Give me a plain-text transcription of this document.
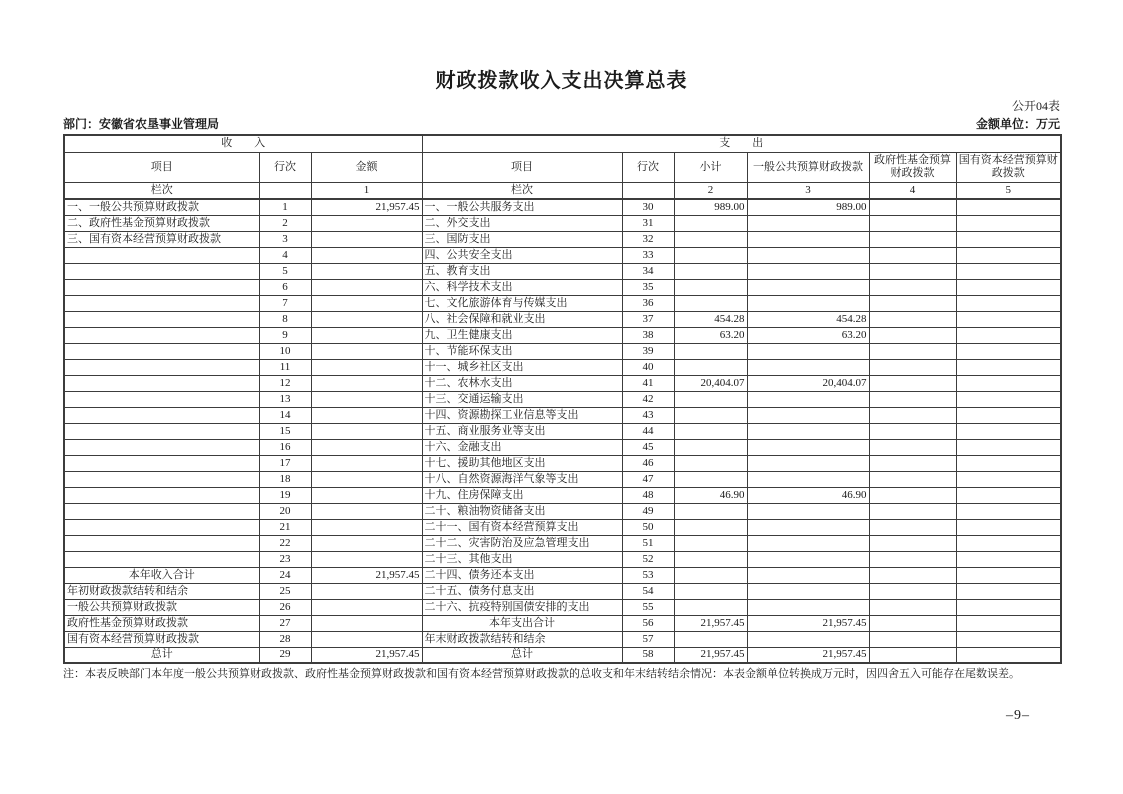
财政拨款收入支出决算总表
公开04表
部门：安徽省农垦事业管理局	金额单位：万元
收　　入			支　　出					
项目	行次	金额	项目	行次	小计	一般公共预算财政拨款	政府性基金预算财政拨款	国有资本经营预算财政拨款
栏次		1	栏次		2	3	4	5
一、一般公共预算财政拨款	1	21,957.45	一、一般公共服务支出	30	989.00	989.00		
二、政府性基金预算财政拨款	2		二、外交支出	31				
三、国有资本经营预算财政拨款	3		三、国防支出	32				
	4		四、公共安全支出	33				
	5		五、教育支出	34				
	6		六、科学技术支出	35				
	7		七、文化旅游体育与传媒支出	36				
	8		八、社会保障和就业支出	37	454.28	454.28		
	9		九、卫生健康支出	38	63.20	63.20		
	10		十、节能环保支出	39				
	11		十一、城乡社区支出	40				
	12		十二、农林水支出	41	20,404.07	20,404.07		
	13		十三、交通运输支出	42				
	14		十四、资源勘探工业信息等支出	43				
	15		十五、商业服务业等支出	44				
	16		十六、金融支出	45				
	17		十七、援助其他地区支出	46				
	18		十八、自然资源海洋气象等支出	47				
	19		十九、住房保障支出	48	46.90	46.90		
	20		二十、粮油物资储备支出	49				
	21		二十一、国有资本经营预算支出	50				
	22		二十二、灾害防治及应急管理支出	51				
	23		二十三、其他支出	52				
本年收入合计	24	21,957.45	二十四、债务还本支出	53				
年初财政拨款结转和结余	25		二十五、债务付息支出	54				
一般公共预算财政拨款	26		二十六、抗疫特别国债安排的支出	55				
政府性基金预算财政拨款	27		本年支出合计	56	21,957.45	21,957.45		
国有资本经营预算财政拨款	28		年末财政拨款结转和结余	57				
总计	29	21,957.45	总计	58	21,957.45	21,957.45		
注：本表反映部门本年度一般公共预算财政拨款、政府性基金预算财政拨款和国有资本经营预算财政拨款的总收支和年末结转结余情况：本表金额单位转换成万元时，因四舍五入可能存在尾数误差。
–9–
